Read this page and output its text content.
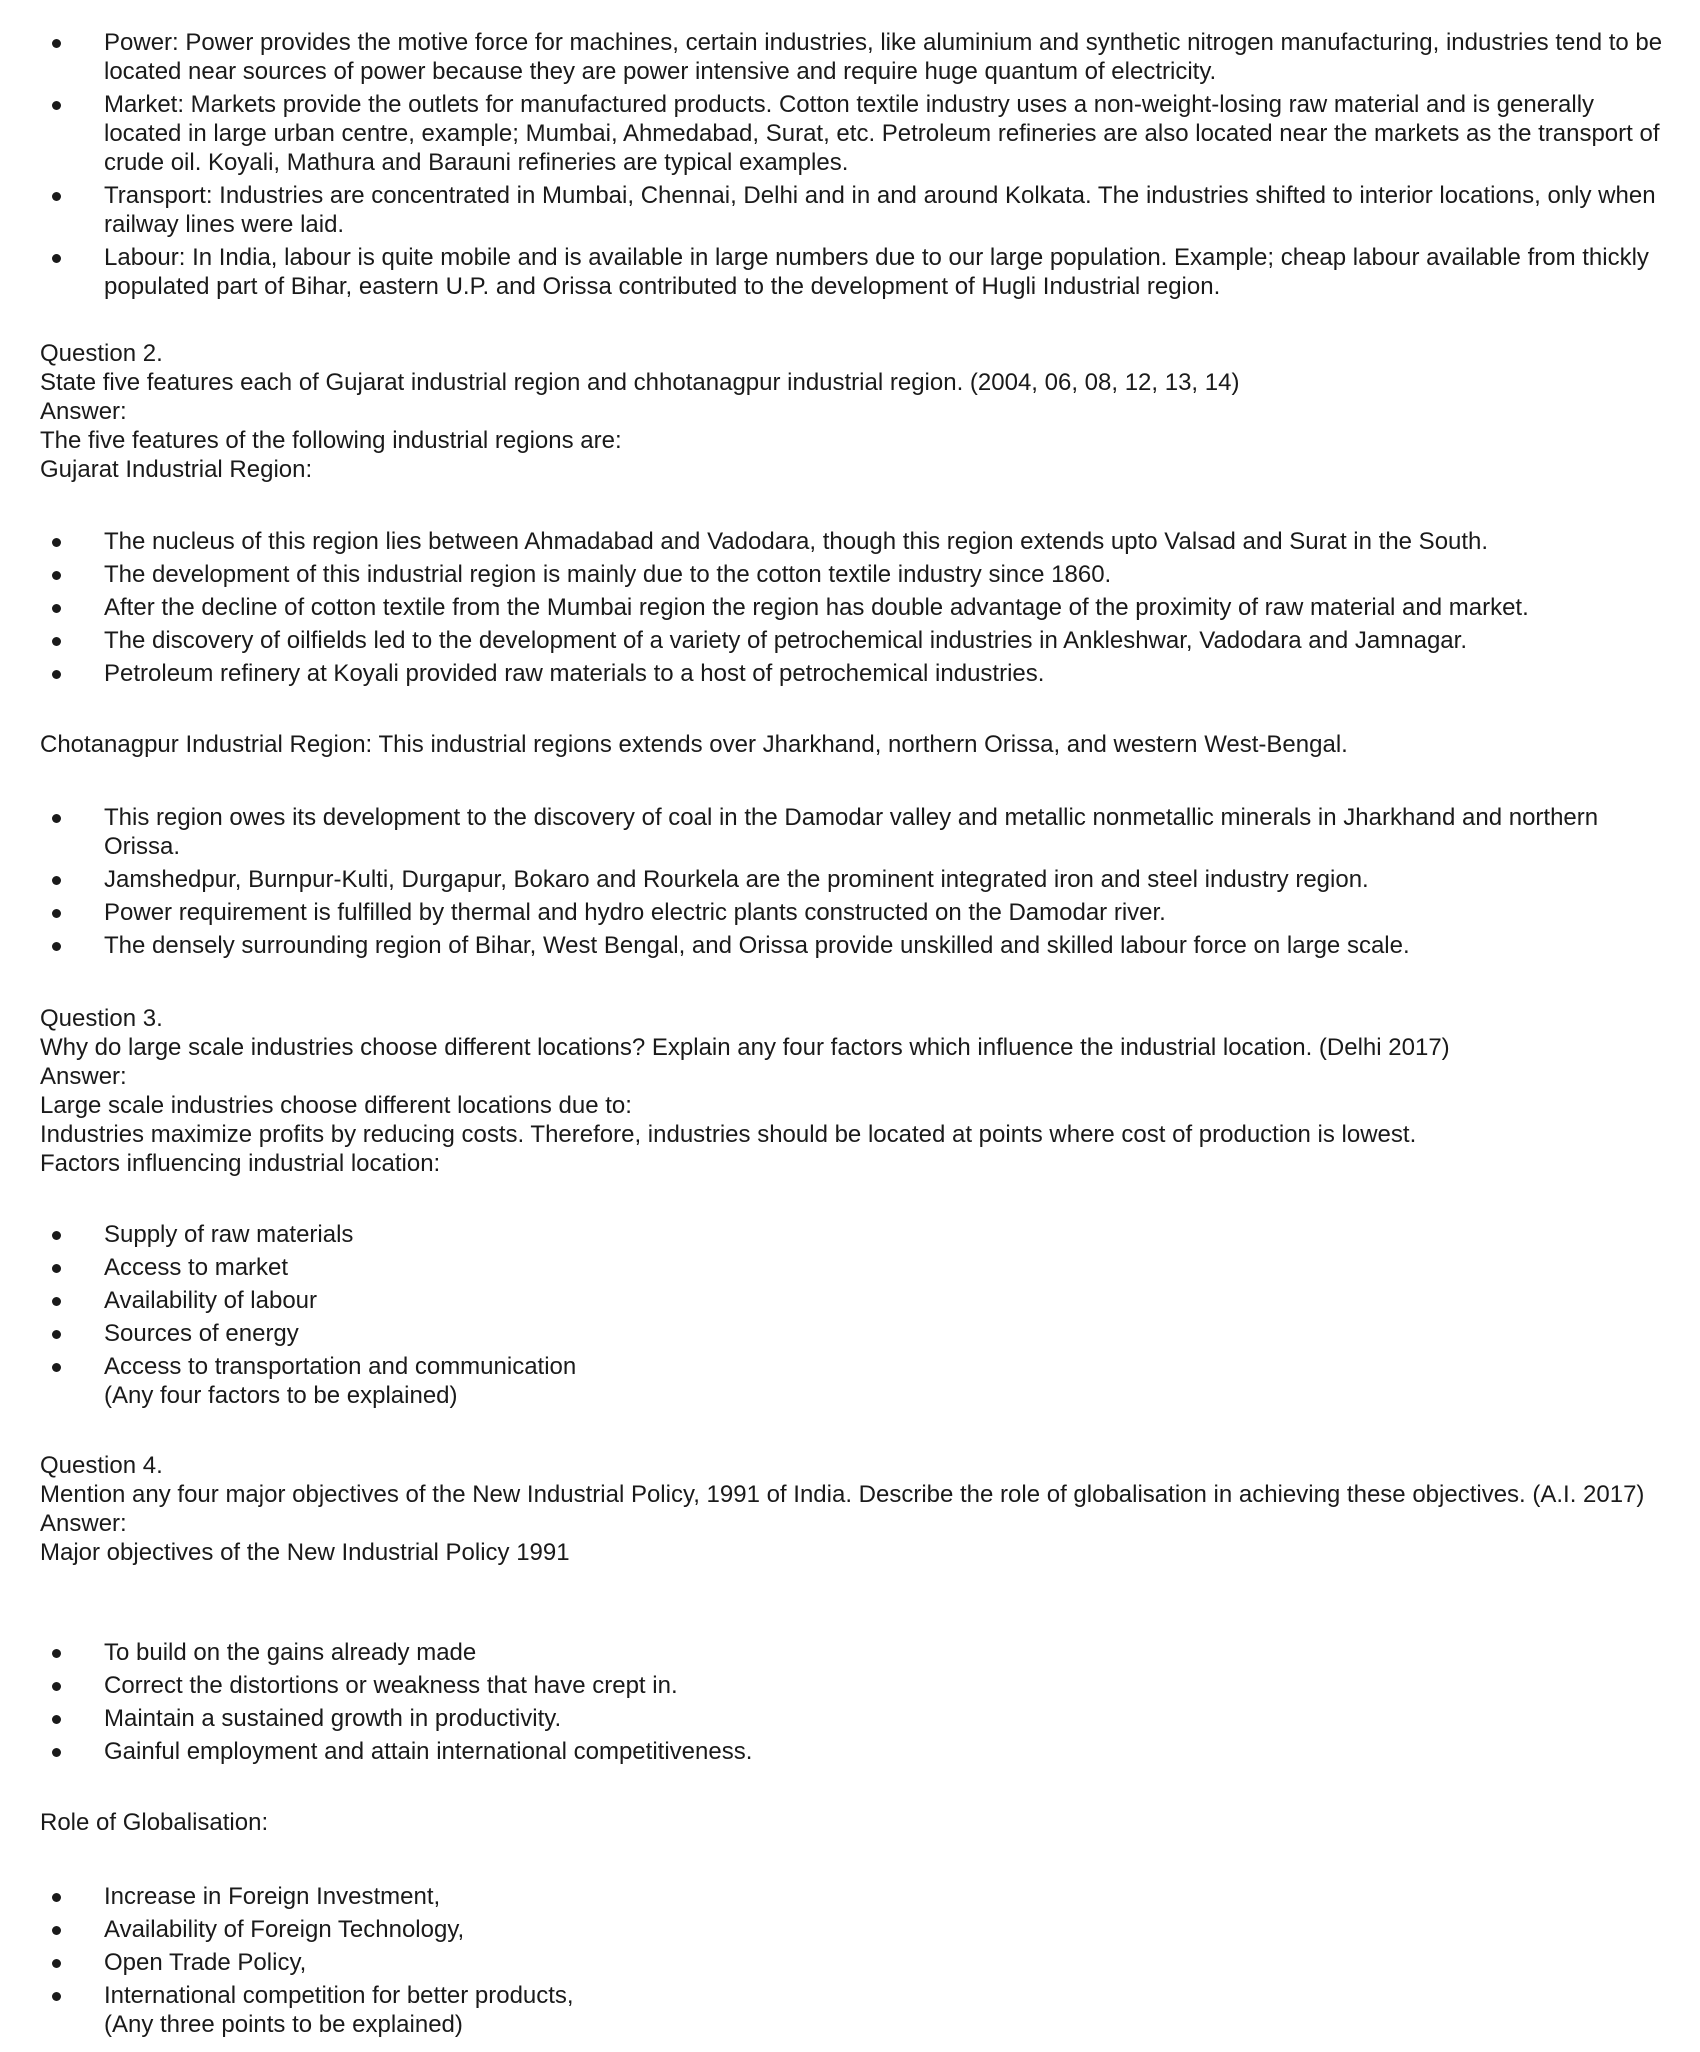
Power: Power provides the motive force for machines, certain industries, like aluminium and synthetic nitrogen manufacturing, industries tend to be located near sources of power because they are power intensive and require huge quantum of electricity.
Market: Markets provide the outlets for manufactured products. Cotton textile industry uses a non-weight-losing raw material and is generally located in large urban centre, example; Mumbai, Ahmedabad, Surat, etc. Petroleum refineries are also located near the markets as the transport of crude oil. Koyali, Mathura and Barauni refineries are typical examples.
Transport: Industries are concentrated in Mumbai, Chennai, Delhi and in and around Kolkata. The industries shifted to interior locations, only when railway lines were laid.
Labour: In India, labour is quite mobile and is available in large numbers due to our large population. Example; cheap labour available from thickly populated part of Bihar, eastern U.P. and Orissa contributed to the development of Hugli Industrial region.
Question 2.
State five features each of Gujarat industrial region and chhotanagpur industrial region. (2004, 06, 08, 12, 13, 14)
Answer:
The five features of the following industrial regions are:
Gujarat Industrial Region:
The nucleus of this region lies between Ahmadabad and Vadodara, though this region extends upto Valsad and Surat in the South.
The development of this industrial region is mainly due to the cotton textile industry since 1860.
After the decline of cotton textile from the Mumbai region the region has double advantage of the proximity of raw material and market.
The discovery of oilfields led to the development of a variety of petrochemical industries in Ankleshwar, Vadodara and Jamnagar.
Petroleum refinery at Koyali provided raw materials to a host of petrochemical industries.
Chotanagpur Industrial Region: This industrial regions extends over Jharkhand, northern Orissa, and western West-Bengal.
This region owes its development to the discovery of coal in the Damodar valley and metallic nonmetallic minerals in Jharkhand and northern Orissa.
Jamshedpur, Burnpur-Kulti, Durgapur, Bokaro and Rourkela are the prominent integrated iron and steel industry region.
Power requirement is fulfilled by thermal and hydro electric plants constructed on the Damodar river.
The densely surrounding region of Bihar, West Bengal, and Orissa provide unskilled and skilled labour force on large scale.
Question 3.
Why do large scale industries choose different locations? Explain any four factors which influence the industrial location. (Delhi 2017)
Answer:
Large scale industries choose different locations due to:
Industries maximize profits by reducing costs. Therefore, industries should be located at points where cost of production is lowest.
Factors influencing industrial location:
Supply of raw materials
Access to market
Availability of labour
Sources of energy
Access to transportation and communication
(Any four factors to be explained)
Question 4.
Mention any four major objectives of the New Industrial Policy, 1991 of India. Describe the role of globalisation in achieving these objectives. (A.I. 2017)
Answer:
Major objectives of the New Industrial Policy 1991
To build on the gains already made
Correct the distortions or weakness that have crept in.
Maintain a sustained growth in productivity.
Gainful employment and attain international competitiveness.
Role of Globalisation:
Increase in Foreign Investment,
Availability of Foreign Technology,
Open Trade Policy,
International competition for better products,
(Any three points to be explained)
